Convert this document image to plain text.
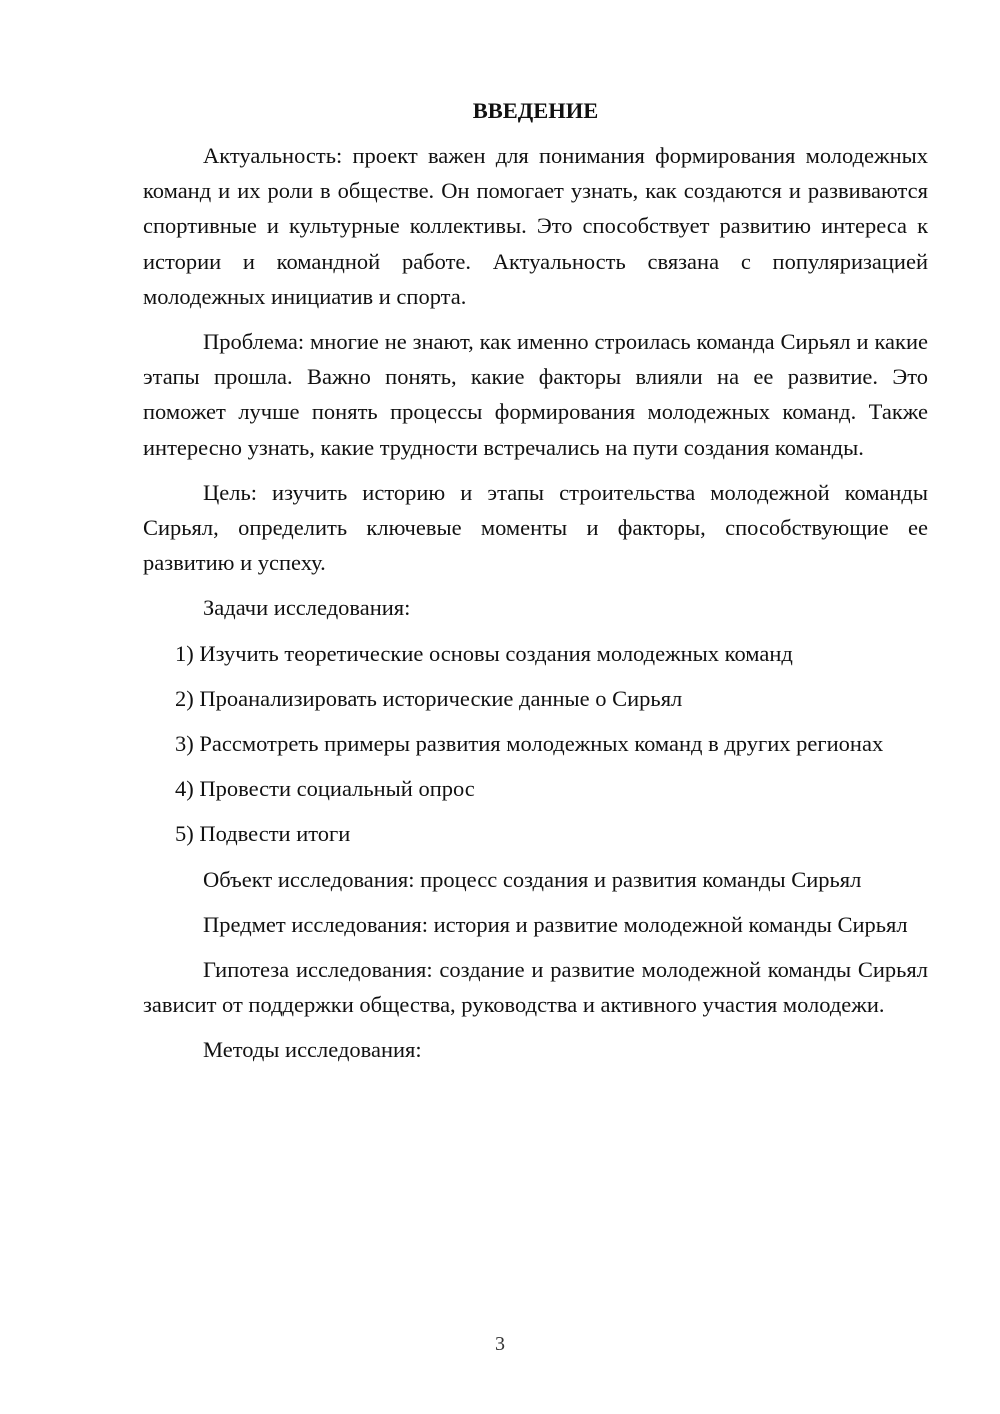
ВВЕДЕНИЕ

Актуальность: проект важен для понимания формирования молодежных команд и их роли в обществе. Он помогает узнать, как создаются и развиваются спортивные и культурные коллективы. Это способствует развитию интереса к истории и командной работе. Актуальность связана с популяризацией молодежных инициатив и спорта.

Проблема: многие не знают, как именно строилась команда Сирьял и какие этапы прошла. Важно понять, какие факторы влияли на ее развитие. Это поможет лучше понять процессы формирования молодежных команд. Также интересно узнать, какие трудности встречались на пути создания команды.

Цель: изучить историю и этапы строительства молодежной команды Сирьял, определить ключевые моменты и факторы, способствующие ее развитию и успеху.

Задачи исследования:

1) Изучить теоретические основы создания молодежных команд

2) Проанализировать исторические данные о Сирьял

3) Рассмотреть примеры развития молодежных команд в других регионах

4) Провести социальный опрос

5) Подвести итоги

Объект исследования: процесс создания и развития команды Сирьял

Предмет исследования: история и развитие молодежной команды Сирьял

Гипотеза исследования: создание и развитие молодежной команды Сирьял зависит от поддержки общества, руководства и активного участия молодежи.

Методы исследования:

3
